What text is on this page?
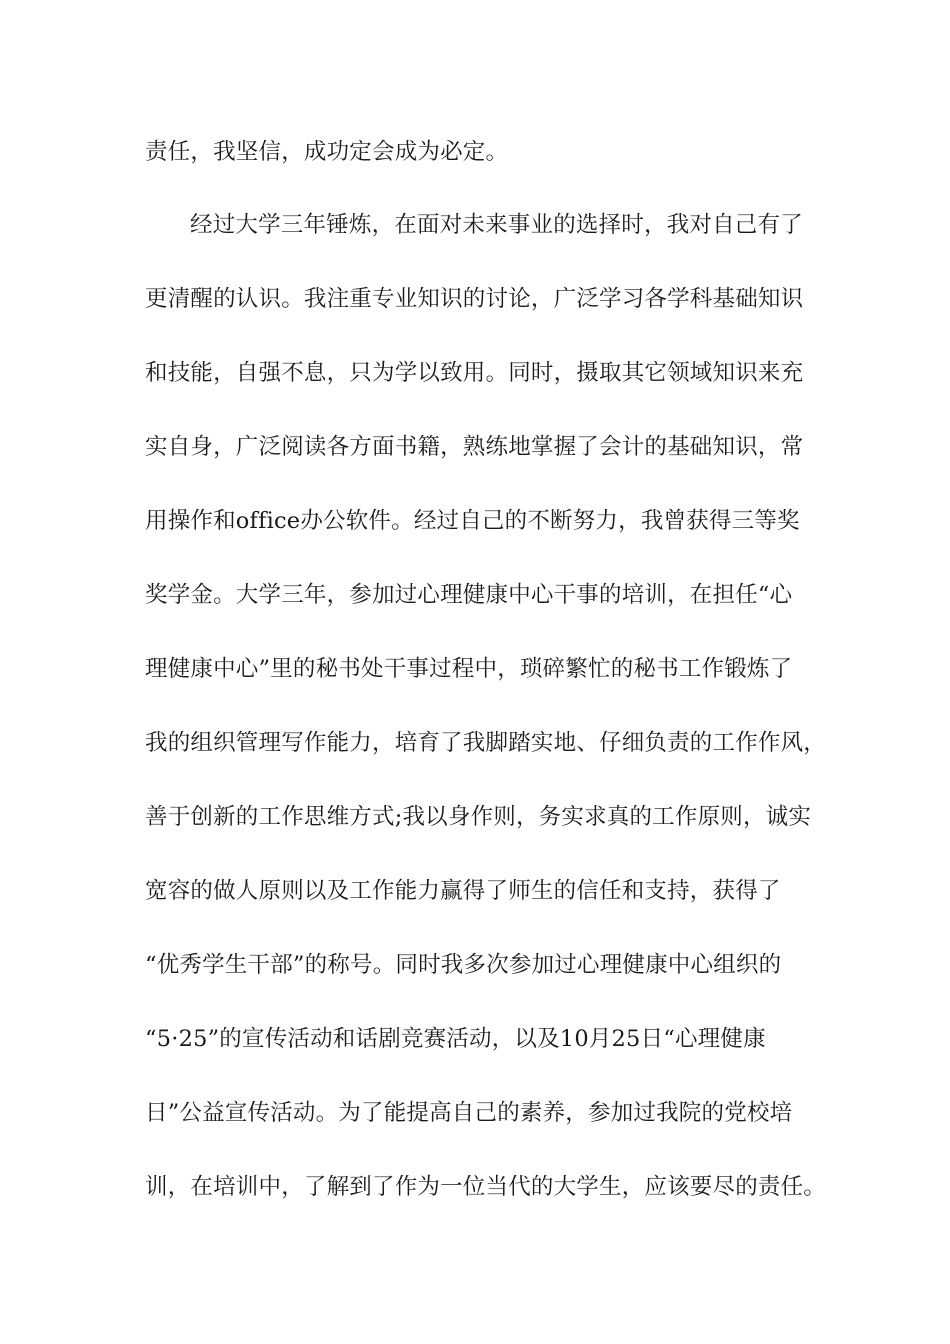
责任，我坚信，成功定会成为必定。
经过大学三年锤炼，在面对未来事业的选择时，我对自己有了
更清醒的认识。我注重专业知识的讨论，广泛学习各学科基础知识
和技能，自强不息，只为学以致用。同时，摄取其它领域知识来充
实自身，广泛阅读各方面书籍，熟练地掌握了会计的基础知识，常
用操作和office办公软件。经过自己的不断努力，我曾获得三等奖
奖学金。大学三年，参加过心理健康中心干事的培训，在担任“心
理健康中心”里的秘书处干事过程中，琐碎繁忙的秘书工作锻炼了
我的组织管理写作能力，培育了我脚踏实地、仔细负责的工作作风，
善于创新的工作思维方式;我以身作则，务实求真的工作原则，诚实
宽容的做人原则以及工作能力赢得了师生的信任和支持，获得了
“优秀学生干部”的称号。同时我多次参加过心理健康中心组织的
“5·25”的宣传活动和话剧竞赛活动，以及10月25日“心理健康
日”公益宣传活动。为了能提高自己的素养，参加过我院的党校培
训，在培训中，了解到了作为一位当代的大学生，应该要尽的责任。
